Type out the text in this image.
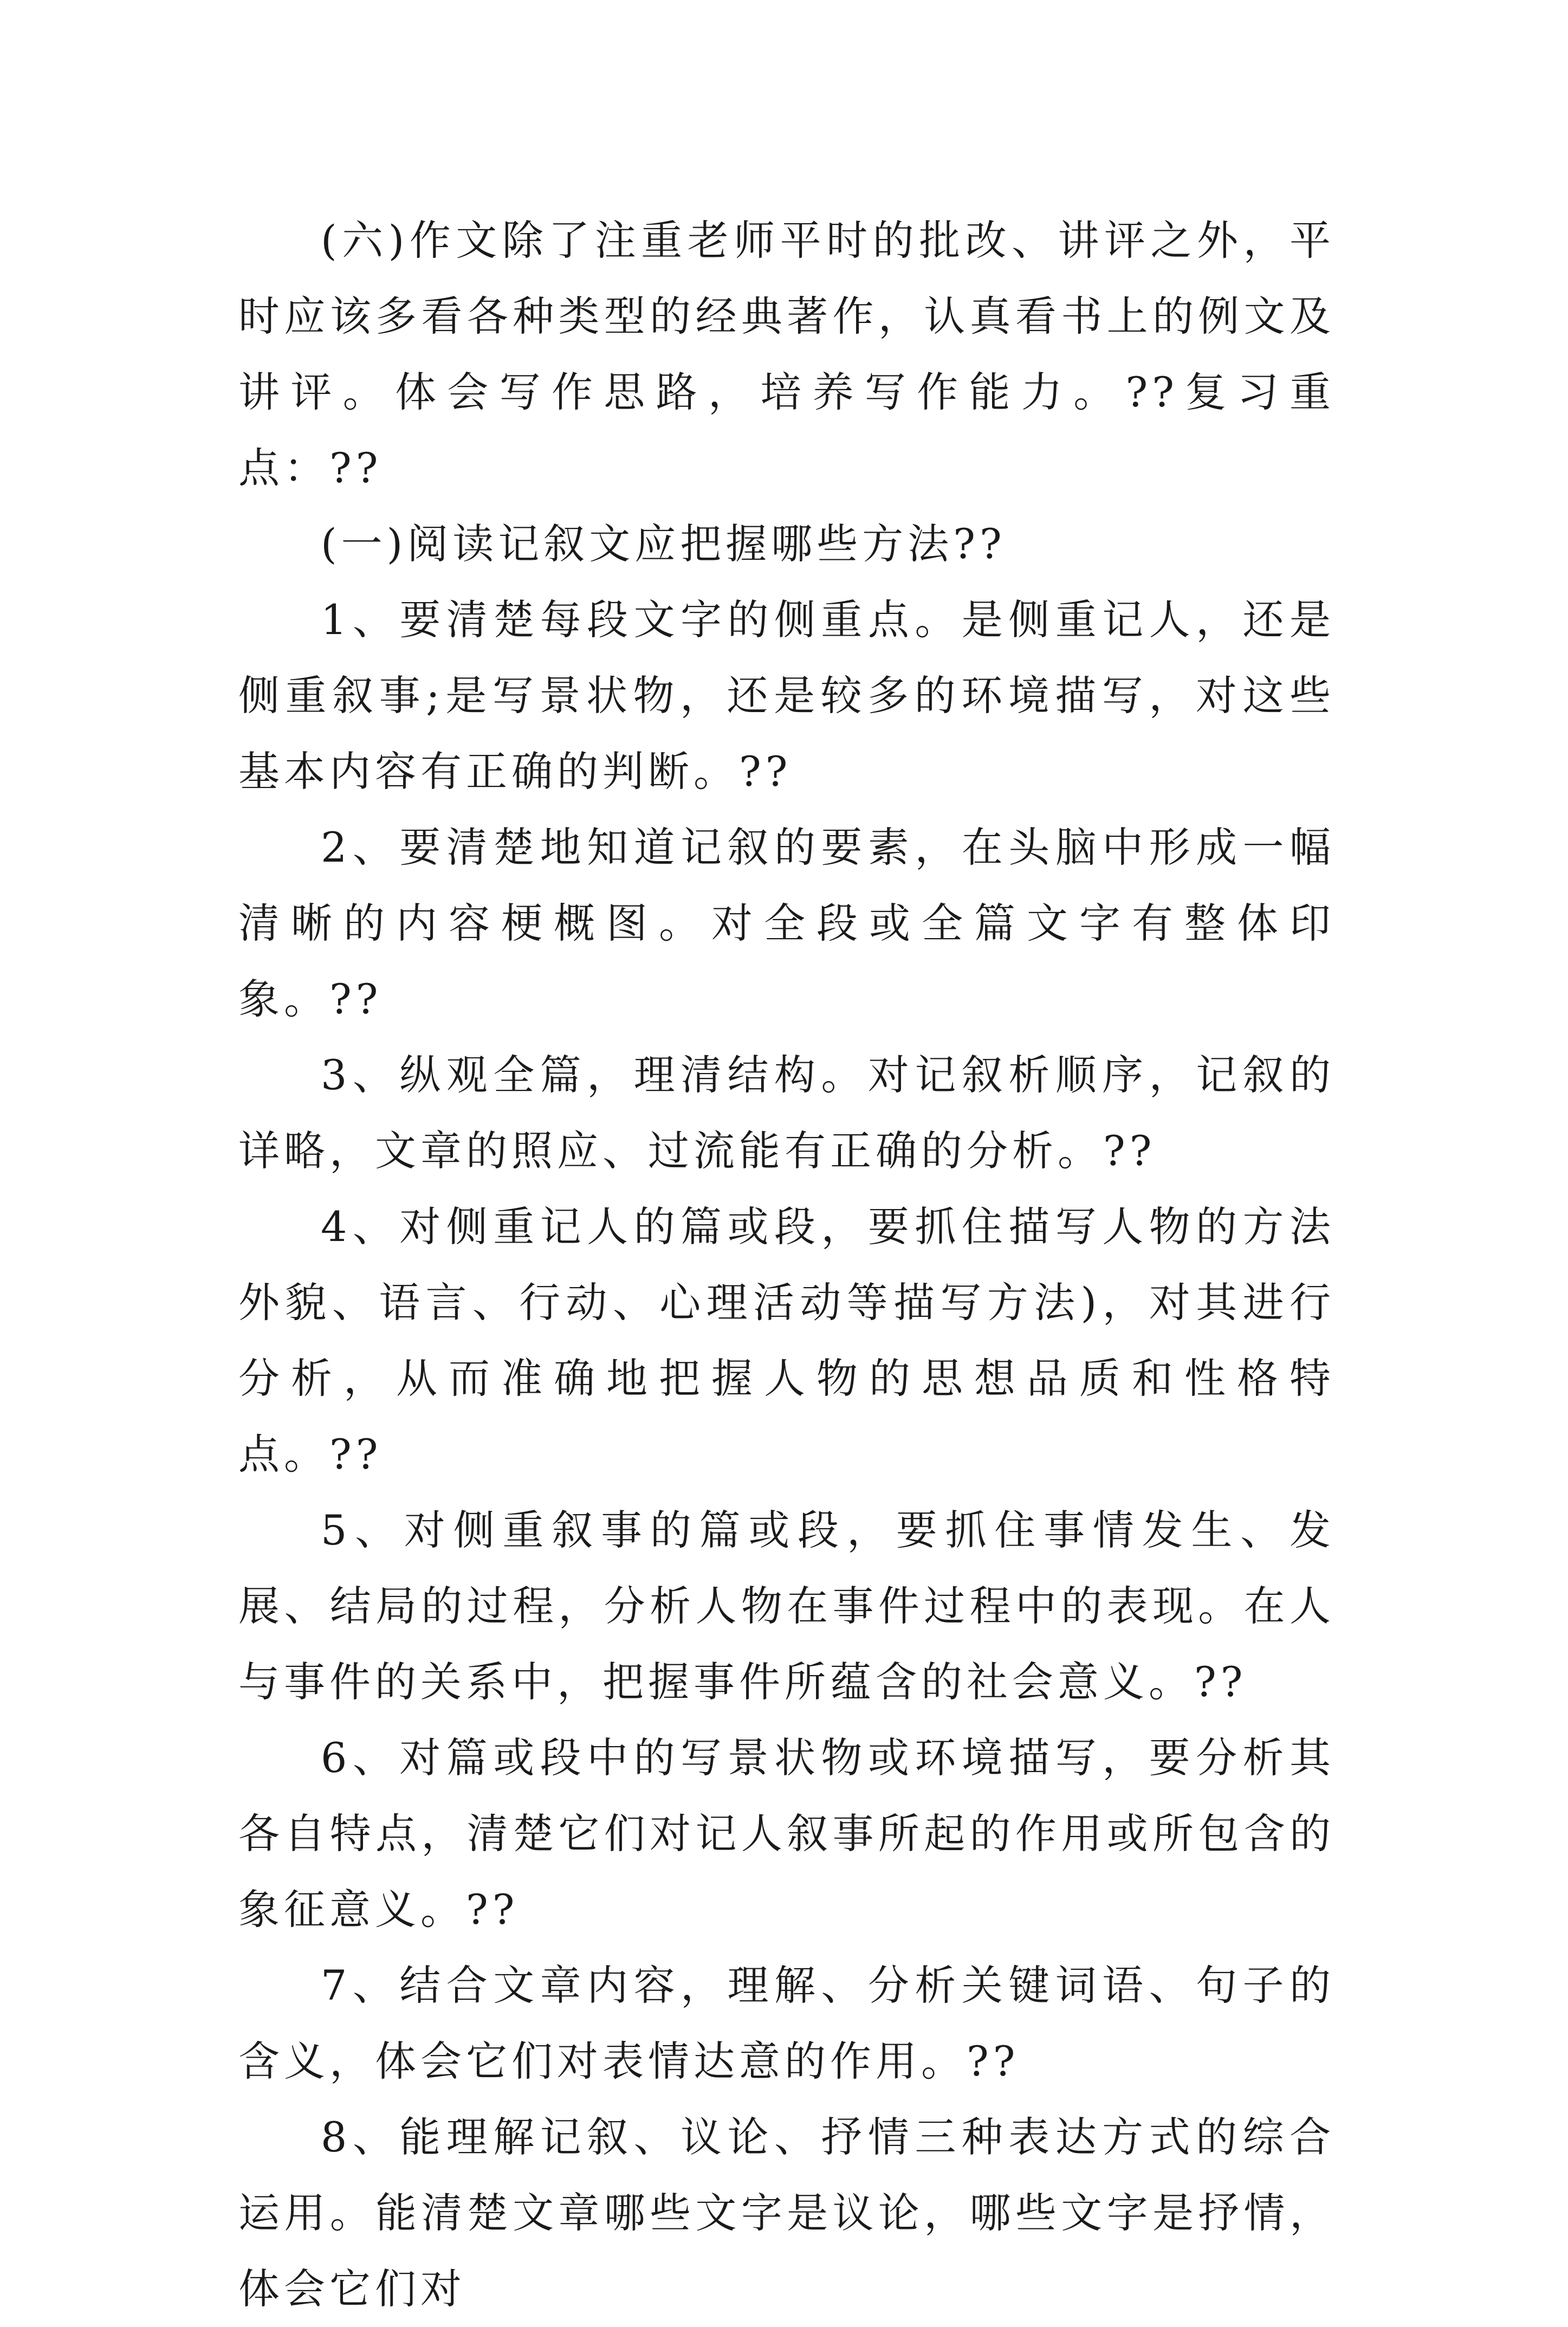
(六)作文除了注重老师平时的批改、讲评之外，平时应该多看各种类型的经典著作，认真看书上的例文及讲评。体会写作思路，培养写作能力。??复习重点：??

(一)阅读记叙文应把握哪些方法??

1、要清楚每段文字的侧重点。是侧重记人，还是侧重叙事;是写景状物，还是较多的环境描写，对这些基本内容有正确的判断。??

2、要清楚地知道记叙的要素，在头脑中形成一幅清晰的内容梗概图。对全段或全篇文字有整体印象。??

3、纵观全篇，理清结构。对记叙析顺序，记叙的详略，文章的照应、过流能有正确的分析。??

4、对侧重记人的篇或段，要抓住描写人物的方法外貌、语言、行动、心理活动等描写方法)，对其进行分析，从而准确地把握人物的思想品质和性格特点。??

5、对侧重叙事的篇或段，要抓住事情发生、发展、结局的过程，分析人物在事件过程中的表现。在人与事件的关系中，把握事件所蕴含的社会意义。??

6、对篇或段中的写景状物或环境描写，要分析其各自特点，清楚它们对记人叙事所起的作用或所包含的象征意义。??

7、结合文章内容，理解、分析关键词语、句子的含义，体会它们对表情达意的作用。??

8、能理解记叙、议论、抒情三种表达方式的综合运用。能清楚文章哪些文字是议论，哪些文字是抒情，体会它们对
